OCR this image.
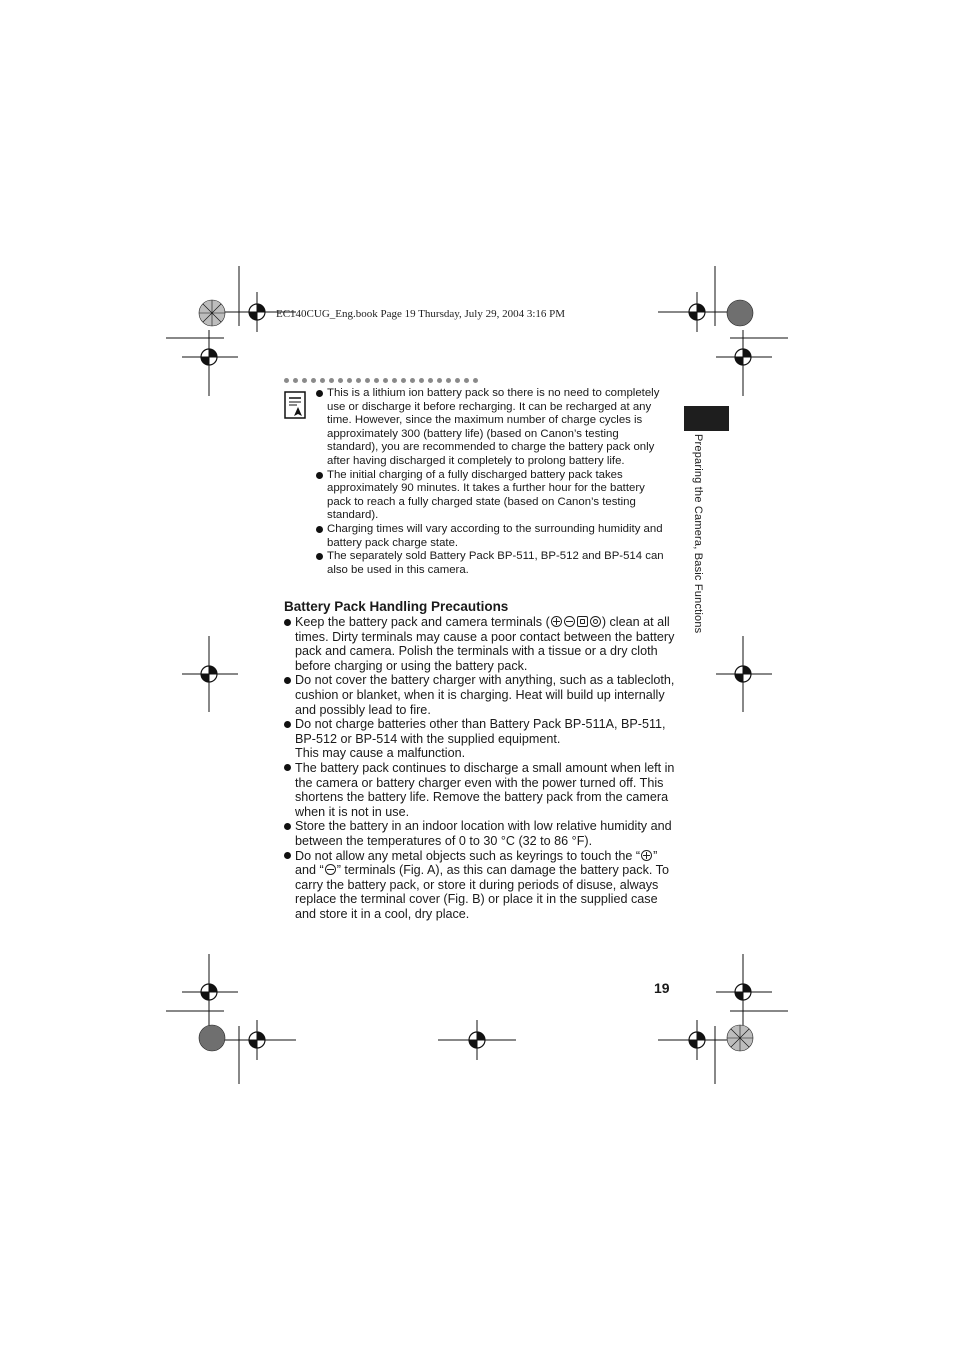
EC140CUG_Eng.book Page 19 Thursday, July 29, 2004 3:16 PM
This is a lithium ion battery pack so there is no need to completely use or discharge it before recharging. It can be recharged at any time. However, since the maximum number of charge cycles is approximately 300 (battery life) (based on Canon’s testing standard), you are recommended to charge the battery pack only after having discharged it completely to prolong battery life.
The initial charging of a fully discharged battery pack takes approximately 90 minutes. It takes a further hour for the battery pack to reach a fully charged state (based on Canon’s testing standard).
Charging times will vary according to the surrounding humidity and battery pack charge state.
The separately sold Battery Pack BP-511, BP-512 and BP-514 can also be used in this camera.
Battery Pack Handling Precautions
Keep the battery pack and camera terminals (	) clean at all times. Dirty terminals may cause a poor contact between the battery pack and camera. Polish the terminals with a tissue or a dry cloth before charging or using the battery pack.
Do not cover the battery charger with anything, such as a tablecloth, cushion or blanket, when it is charging. Heat will build up internally and possibly lead to fire.
Do not charge batteries other than Battery Pack BP-511A, BP-511, BP-512 or BP-514 with the supplied equipment.
This may cause a malfunction.
The battery pack continues to discharge a small amount when left in the camera or battery charger even with the power turned off. This shortens the battery life. Remove the battery pack from the camera when it is not in use.
Store the battery in an indoor location with low relative humidity and between the temperatures of 0 to 30 °C (32 to 86 °F).
Do not allow any metal objects such as keyrings to touch the “ ” and “ ” terminals (Fig. A), as this can damage the battery pack. To carry the battery pack, or store it during periods of disuse, always replace the terminal cover (Fig. B) or place it in the supplied case and store it in a cool, dry place.
Preparing the Camera, Basic Functions
19
